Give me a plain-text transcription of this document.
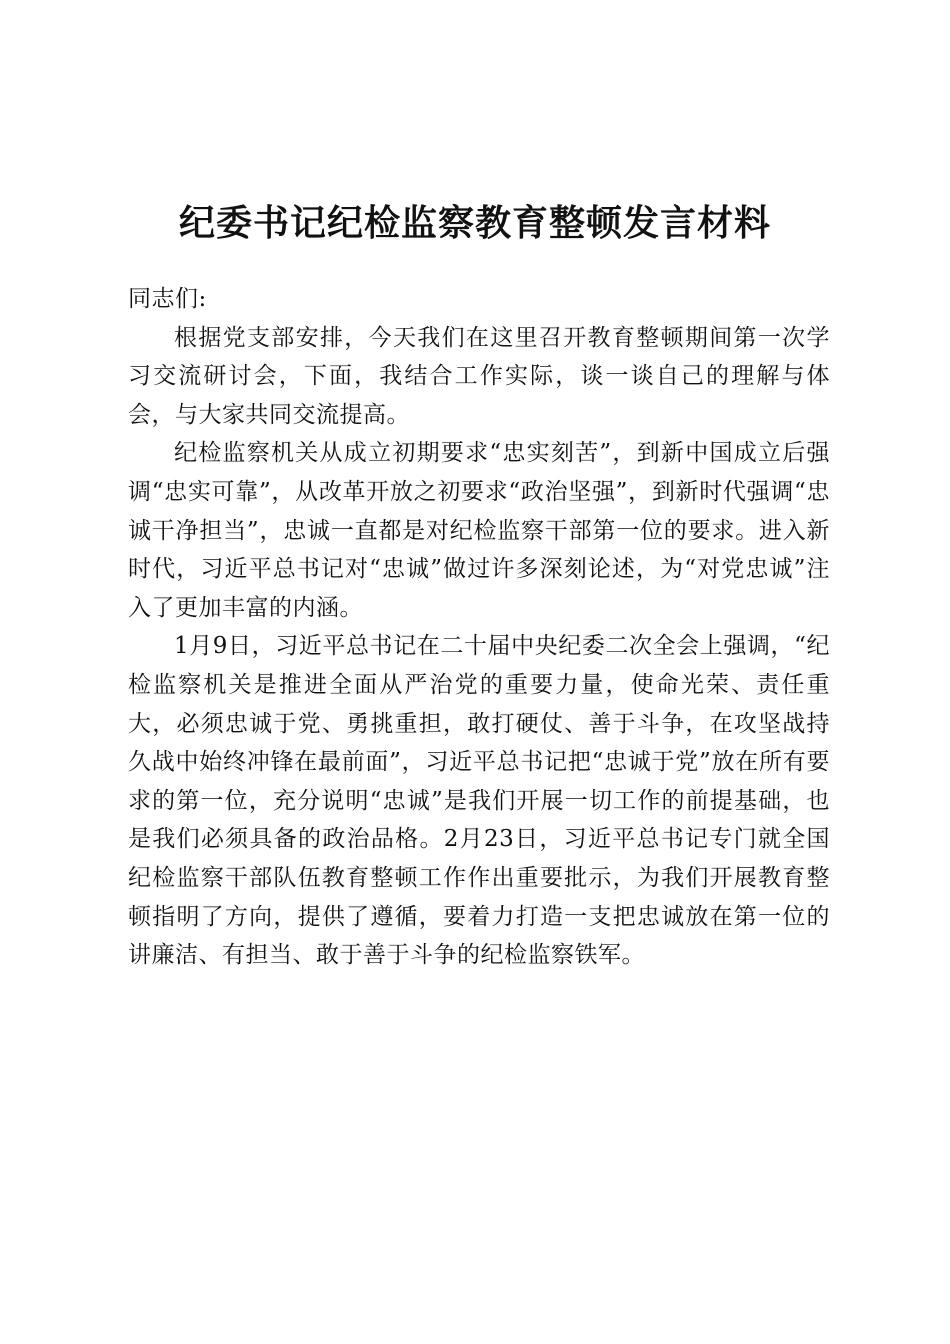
纪委书记纪检监察教育整顿发言材料

同志们:

根据党支部安排，今天我们在这里召开教育整顿期间第一次学习交流研讨会，下面，我结合工作实际，谈一谈自己的理解与体会，与大家共同交流提高。

纪检监察机关从成立初期要求“忠实刻苦”，到新中国成立后强调“忠实可靠”，从改革开放之初要求“政治坚强”，到新时代强调“忠诚干净担当”，忠诚一直都是对纪检监察干部第一位的要求。进入新时代，习近平总书记对“忠诚”做过许多深刻论述，为“对党忠诚”注入了更加丰富的内涵。

1月9日，习近平总书记在二十届中央纪委二次全会上强调，“纪检监察机关是推进全面从严治党的重要力量，使命光荣、责任重大，必须忠诚于党、勇挑重担，敢打硬仗、善于斗争，在攻坚战持久战中始终冲锋在最前面”，习近平总书记把“忠诚于党”放在所有要求的第一位，充分说明“忠诚”是我们开展一切工作的前提基础，也是我们必须具备的政治品格。2月23日，习近平总书记专门就全国纪检监察干部队伍教育整顿工作作出重要批示，为我们开展教育整顿指明了方向，提供了遵循，要着力打造一支把忠诚放在第一位的讲廉洁、有担当、敢于善于斗争的纪检监察铁军。
